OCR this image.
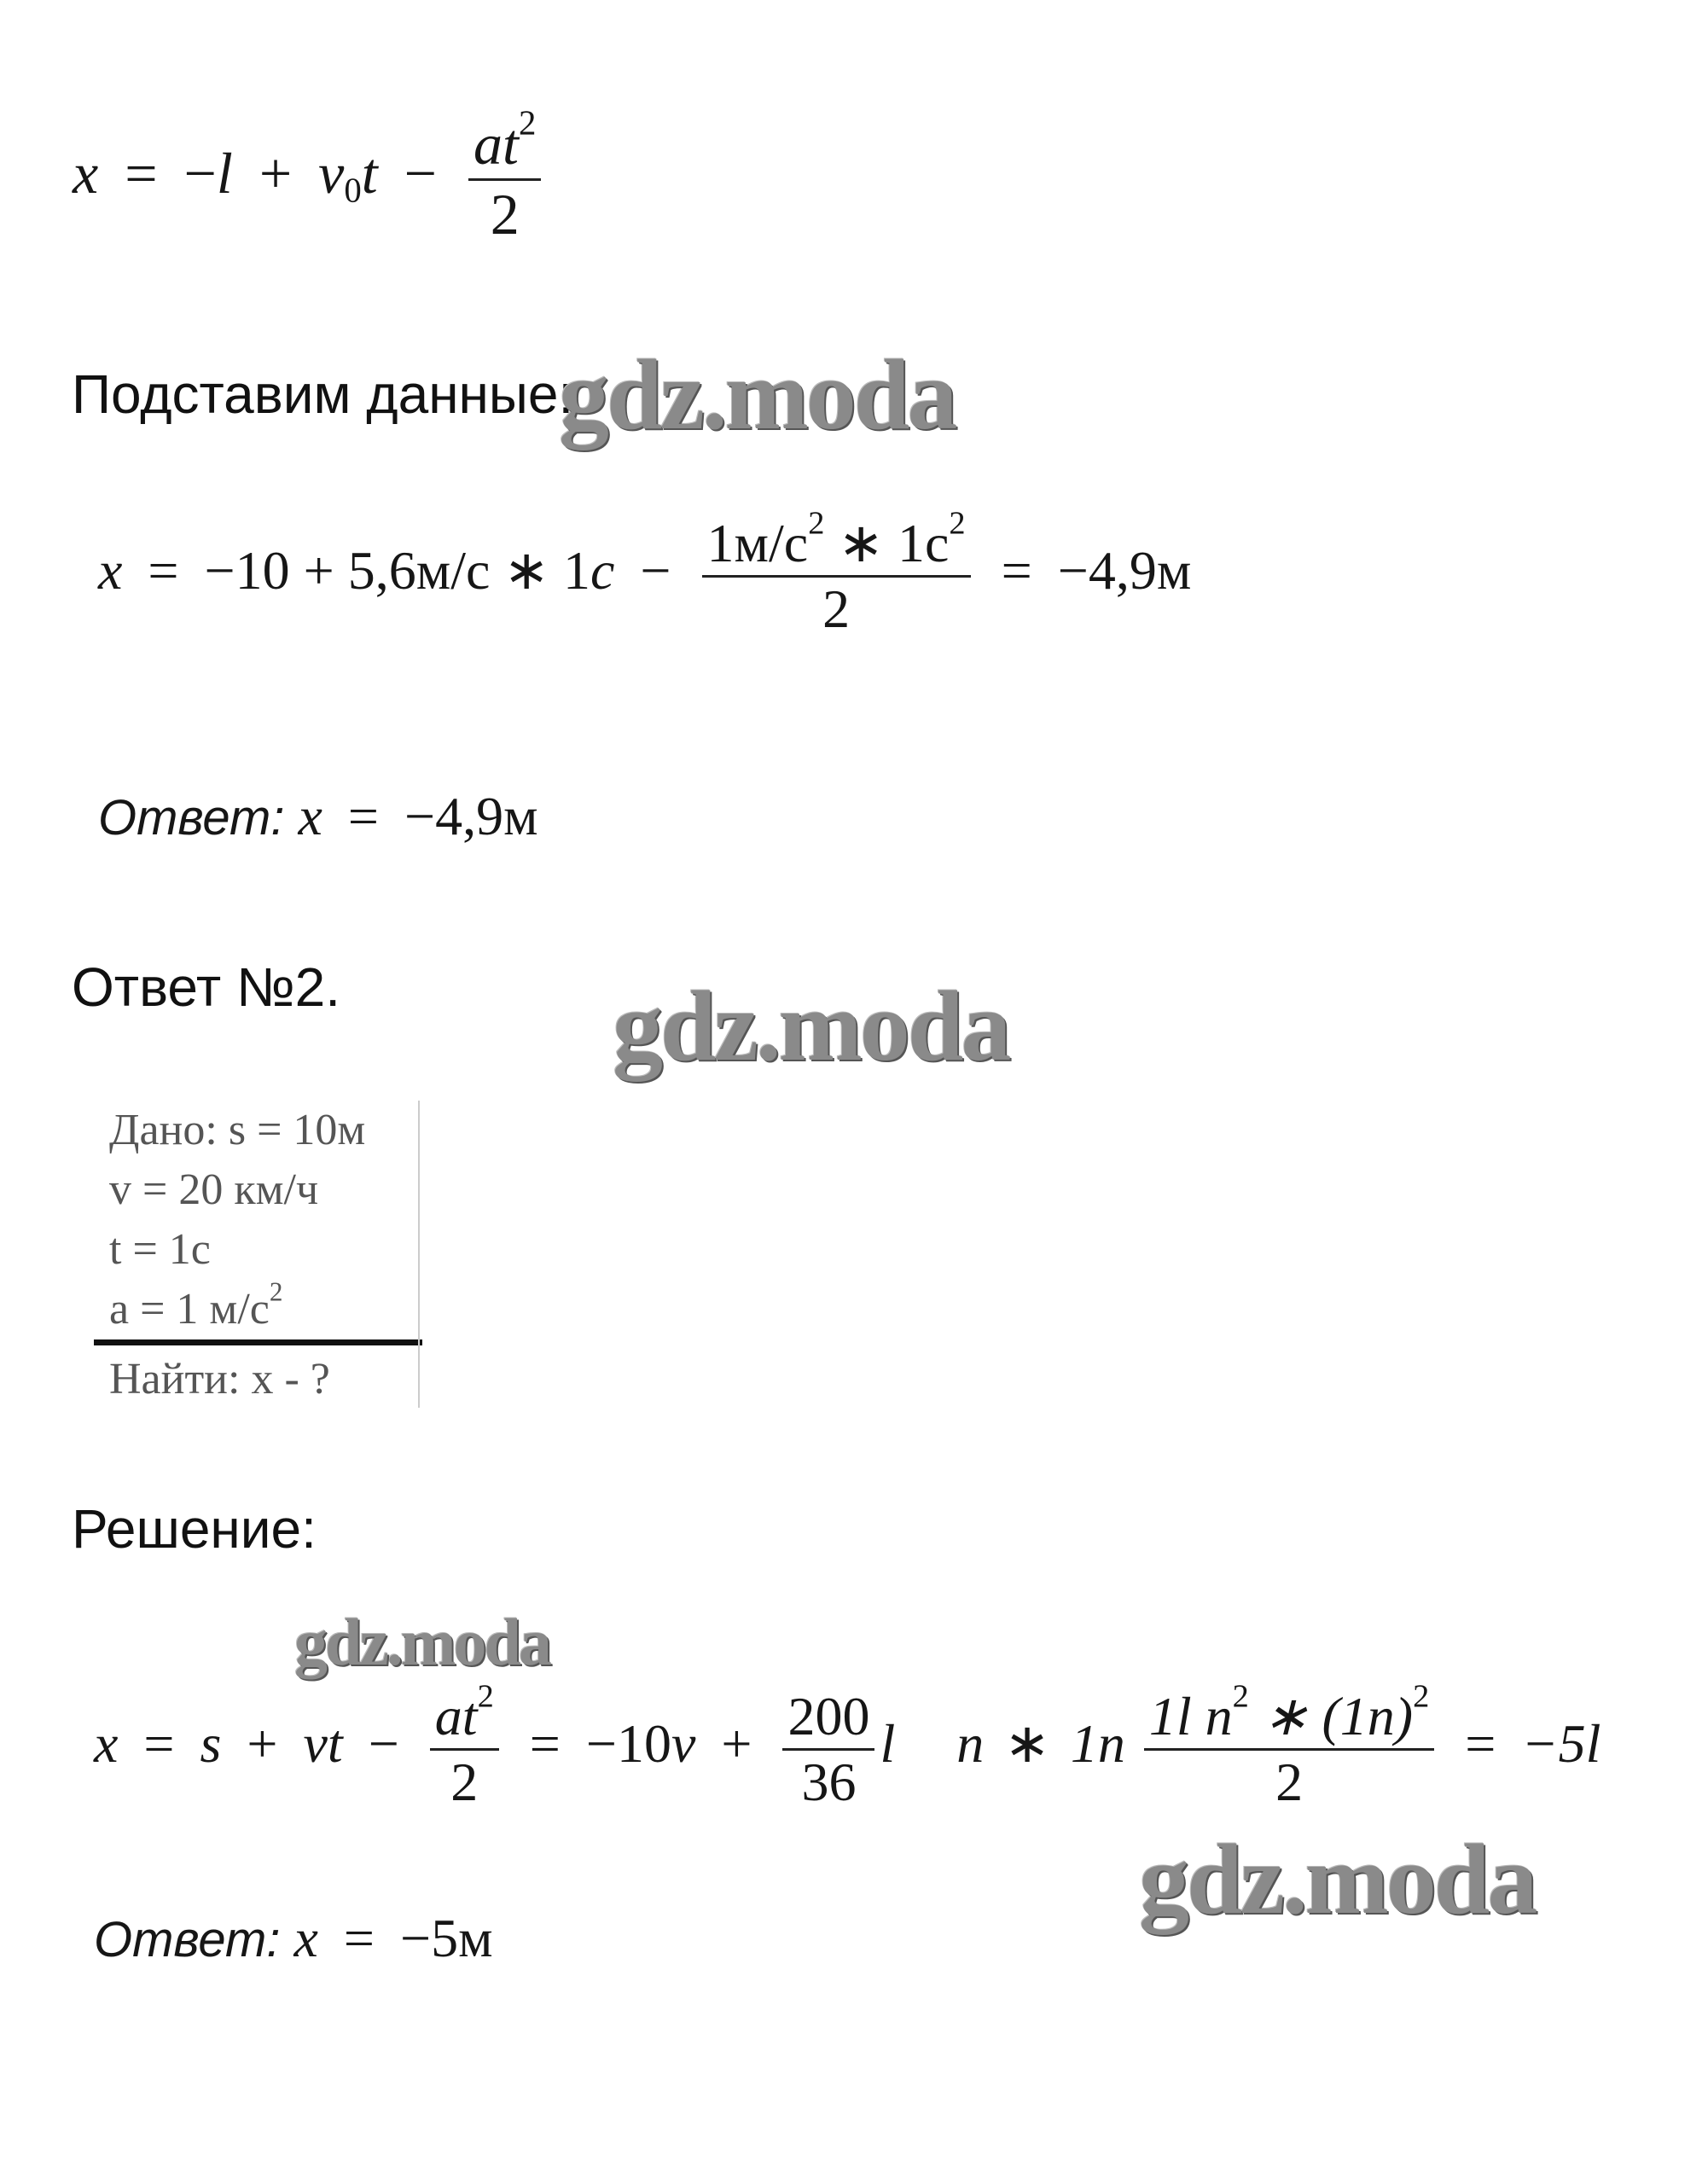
$x = -l + v_0t - \frac{at^2}{2}$
Подставим данные:
gdz.moda
x = −10 + 5,6м/с ∗ $1c - \frac{1м/с^2 ∗ 1с^2}{2} = -4,9м$
Ответ: x = −4,9м
Ответ №2.	gdz.moda
Дано: s = 10м
v = 20 км/ч
t = 1c
a = 1 $м/c^2$
Найти: x - ?
Решение:
gdz.moda
x = s + vt − $\frac{at^2}{2} = -10v + \frac{200}{36}$ l n ∗ $1n \frac{1l n^2 ∗ (1n)^2}{2} = -5l$
gdz.moda
Ответ: x = −5м
